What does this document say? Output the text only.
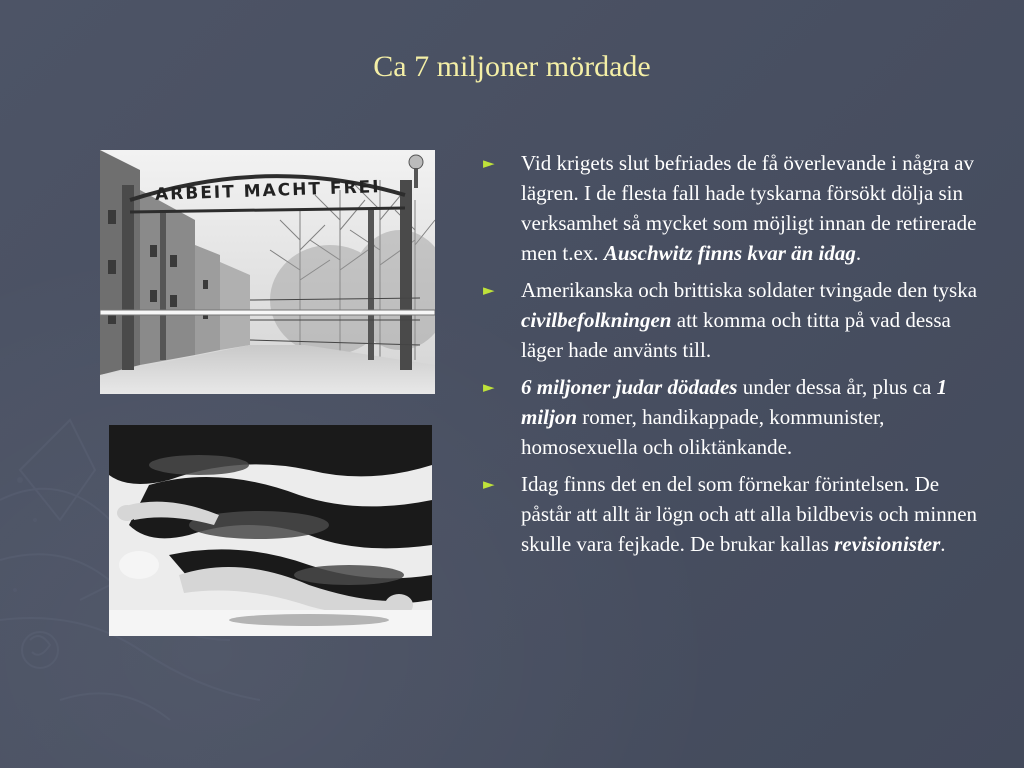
Ca 7 miljoner mördade
ARBEIT MACHT FREI
► Vid krigets slut befriades de få överlevande i några av lägren. I de flesta fall hade tyskarna försökt dölja sin verksamhet så mycket som möjligt innan de retirerade men t.ex. Auschwitz finns kvar än idag.
► Amerikanska och brittiska soldater tvingade den tyska civilbefolkningen att komma och titta på vad dessa läger hade använts till.
► 6 miljoner judar dödades under dessa år, plus ca 1 miljon romer, handikappade, kommunister, homosexuella och oliktänkande.
► Idag finns det en del som förnekar förintelsen. De påstår att allt är lögn och att alla bildbevis och minnen skulle vara fejkade. De brukar kallas revisionister.
